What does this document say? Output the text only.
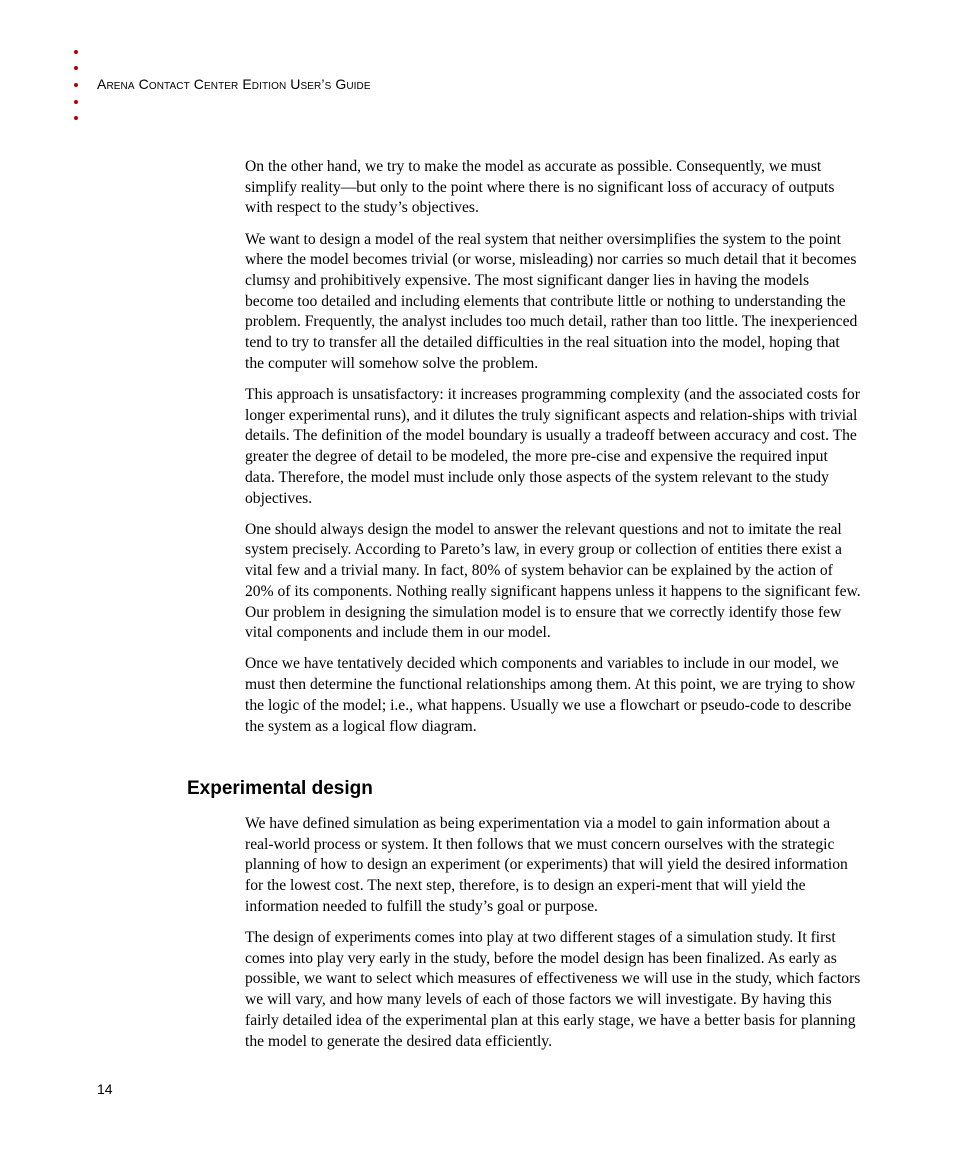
Arena Contact Center Edition User’s Guide

On the other hand, we try to make the model as accurate as possible. Consequently, we must simplify reality—but only to the point where there is no significant loss of accuracy of outputs with respect to the study’s objectives.

We want to design a model of the real system that neither oversimplifies the system to the point where the model becomes trivial (or worse, misleading) nor carries so much detail that it becomes clumsy and prohibitively expensive. The most significant danger lies in having the models become too detailed and including elements that contribute little or nothing to understanding the problem. Frequently, the analyst includes too much detail, rather than too little. The inexperienced tend to try to transfer all the detailed difficulties in the real situation into the model, hoping that the computer will somehow solve the problem.

This approach is unsatisfactory: it increases programming complexity (and the associated costs for longer experimental runs), and it dilutes the truly significant aspects and relation-ships with trivial details. The definition of the model boundary is usually a tradeoff between accuracy and cost. The greater the degree of detail to be modeled, the more pre-cise and expensive the required input data. Therefore, the model must include only those aspects of the system relevant to the study objectives.

One should always design the model to answer the relevant questions and not to imitate the real system precisely. According to Pareto’s law, in every group or collection of entities there exist a vital few and a trivial many. In fact, 80% of system behavior can be explained by the action of 20% of its components. Nothing really significant happens unless it happens to the significant few. Our problem in designing the simulation model is to ensure that we correctly identify those few vital components and include them in our model.

Once we have tentatively decided which components and variables to include in our model, we must then determine the functional relationships among them. At this point, we are trying to show the logic of the model; i.e., what happens. Usually we use a flowchart or pseudo-code to describe the system as a logical flow diagram.

Experimental design

We have defined simulation as being experimentation via a model to gain information about a real-world process or system. It then follows that we must concern ourselves with the strategic planning of how to design an experiment (or experiments) that will yield the desired information for the lowest cost. The next step, therefore, is to design an experi-ment that will yield the information needed to fulfill the study’s goal or purpose.

The design of experiments comes into play at two different stages of a simulation study. It first comes into play very early in the study, before the model design has been finalized. As early as possible, we want to select which measures of effectiveness we will use in the study, which factors we will vary, and how many levels of each of those factors we will investigate. By having this fairly detailed idea of the experimental plan at this early stage, we have a better basis for planning the model to generate the desired data efficiently.

14
